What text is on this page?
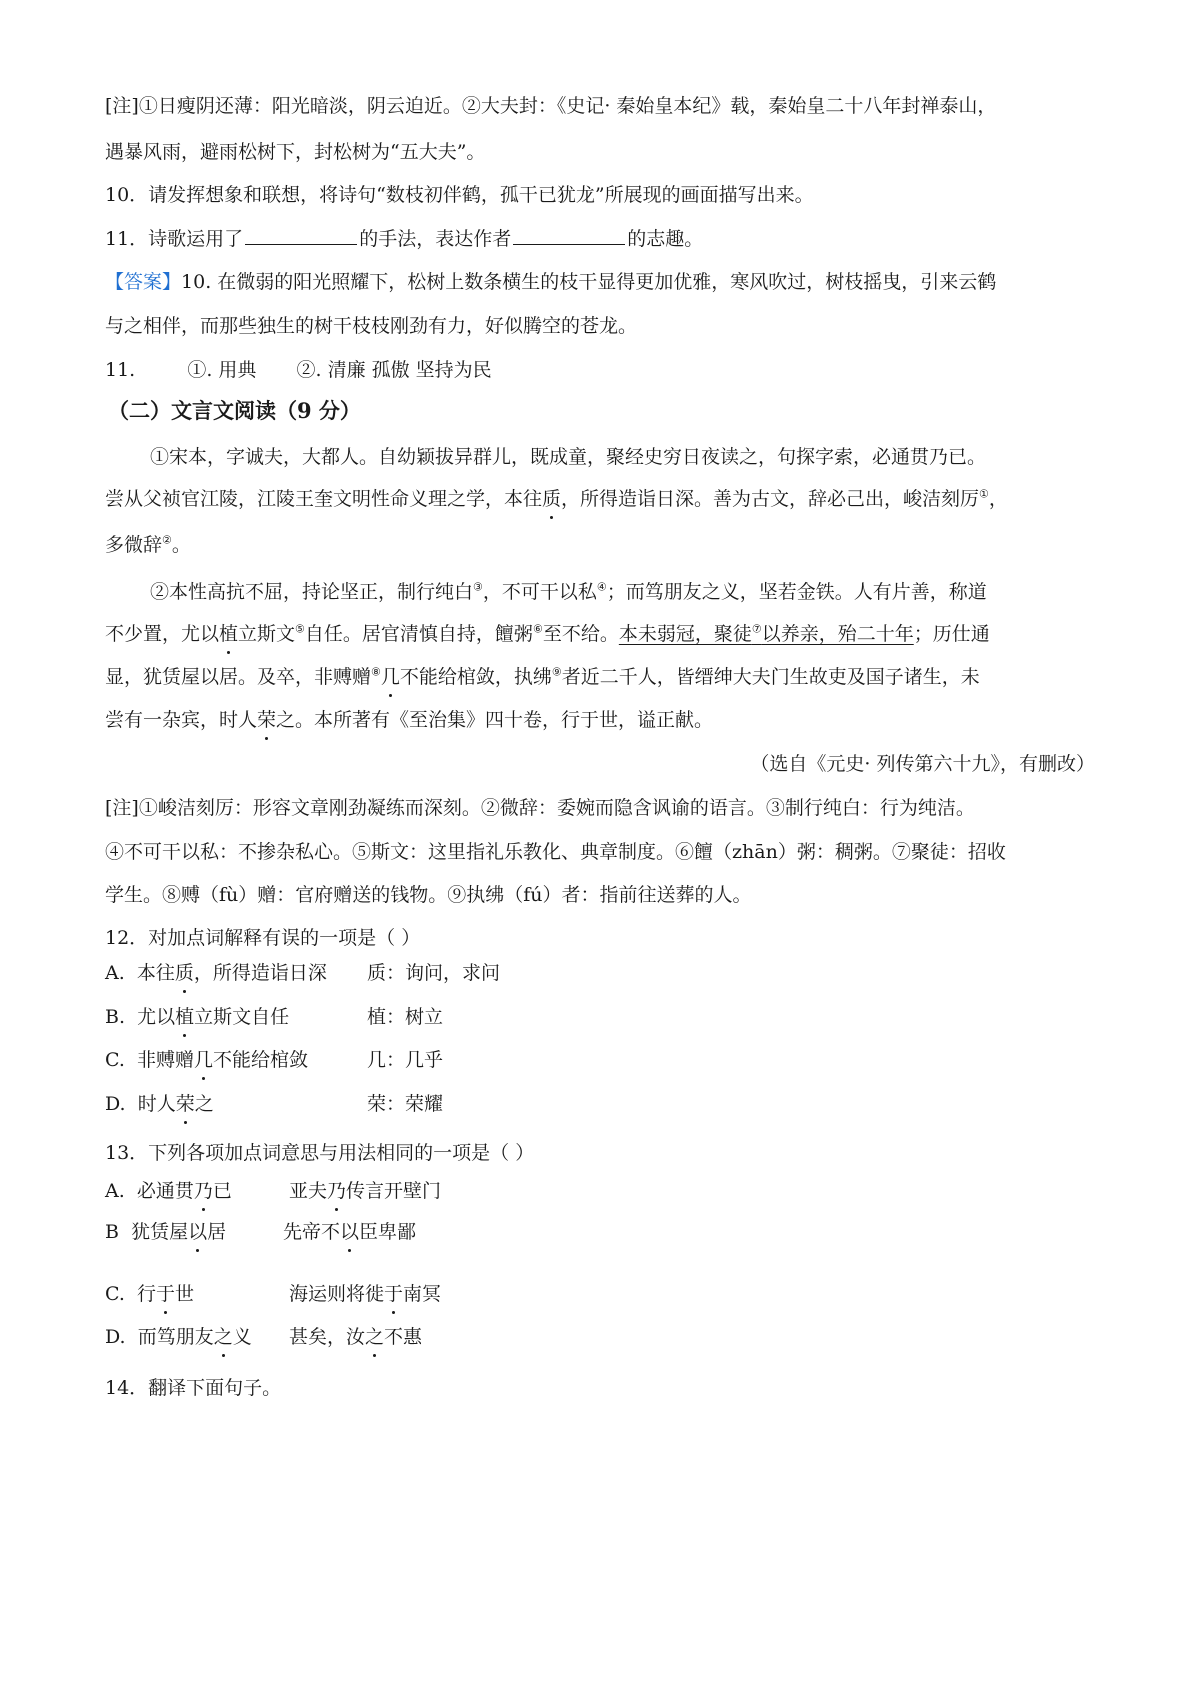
[注]①日瘦阴还薄：阳光暗淡，阴云迫近。②大夫封：《史记· 秦始皇本纪》载，秦始皇二十八年封禅泰山，
遇暴风雨，避雨松树下，封松树为“五大夫”。
10．请发挥想象和联想，将诗句“数枝初伴鹤，孤干已犹龙”所展现的画面描写出来。
11．诗歌运用了	的手法，表达作者	的志趣。
【答案】10. 在微弱的阳光照耀下，松树上数条横生的枝干显得更加优雅，寒风吹过，树枝摇曳，引来云鹤
与之相伴，而那些独生的树干枝枝刚劲有力，好似腾空的苍龙。
11.	①. 用典 ②. 清廉 孤傲 坚持为民
（二）文言文阅读（9 分）
①宋本，字诚夫，大都人。自幼颖拔异群儿，既成童，聚经史穷日夜读之，句探字索，必通贯乃已。
尝从父祯官江陵，江陵王奎文明性命义理之学，本往质，所得造诣日深。善为古文，辞必己出，峻洁刻厉①，
多微辞②。
②本性高抗不屈，持论坚正，制行纯白③，不可干以私④；而笃朋友之义，坚若金铁。人有片善，称道
不少置，尤以植立斯文⑤自任。居官清慎自持，饘粥⑥至不给。本未弱冠，聚徒⑦以养亲，殆二十年；历仕通
显，犹赁屋以居。及卒，非赙赠⑧几不能给棺敛，执绋⑨者近二千人，皆缙绅大夫门生故吏及国子诸生，未
尝有一杂宾，时人荣之。本所著有《至治集》四十卷，行于世，谥正献。
（选自《元史· 列传第六十九》，有删改）
[注]①峻洁刻厉：形容文章刚劲凝练而深刻。②微辞：委婉而隐含讽谕的语言。③制行纯白：行为纯洁。
④不可干以私：不掺杂私心。⑤斯文：这里指礼乐教化、典章制度。⑥饘（zhān）粥：稠粥。⑦聚徒：招收
学生。⑧赙（fù）赠：官府赠送的钱物。⑨执绋（fú）者：指前往送葬的人。
12．对加点词解释有误的一项是（ ）
13．下列各项加点词意思与用法相同的一项是（ ）
14．翻译下面句子。
A. 本往质，所得造诣日深 质：询问，求问
B. 尤以植立斯文自任	植：树立
C. 非赙赠几不能给棺敛	几：几乎
D. 时人荣之	荣：荣耀
A. 必通贯乃已	亚夫乃传言开壁门
B 犹赁屋以居	先帝不以臣卑鄙
C. 行于世	海运则将徙于南冥
D. 而笃朋友之义 甚矣，汝之不惠
